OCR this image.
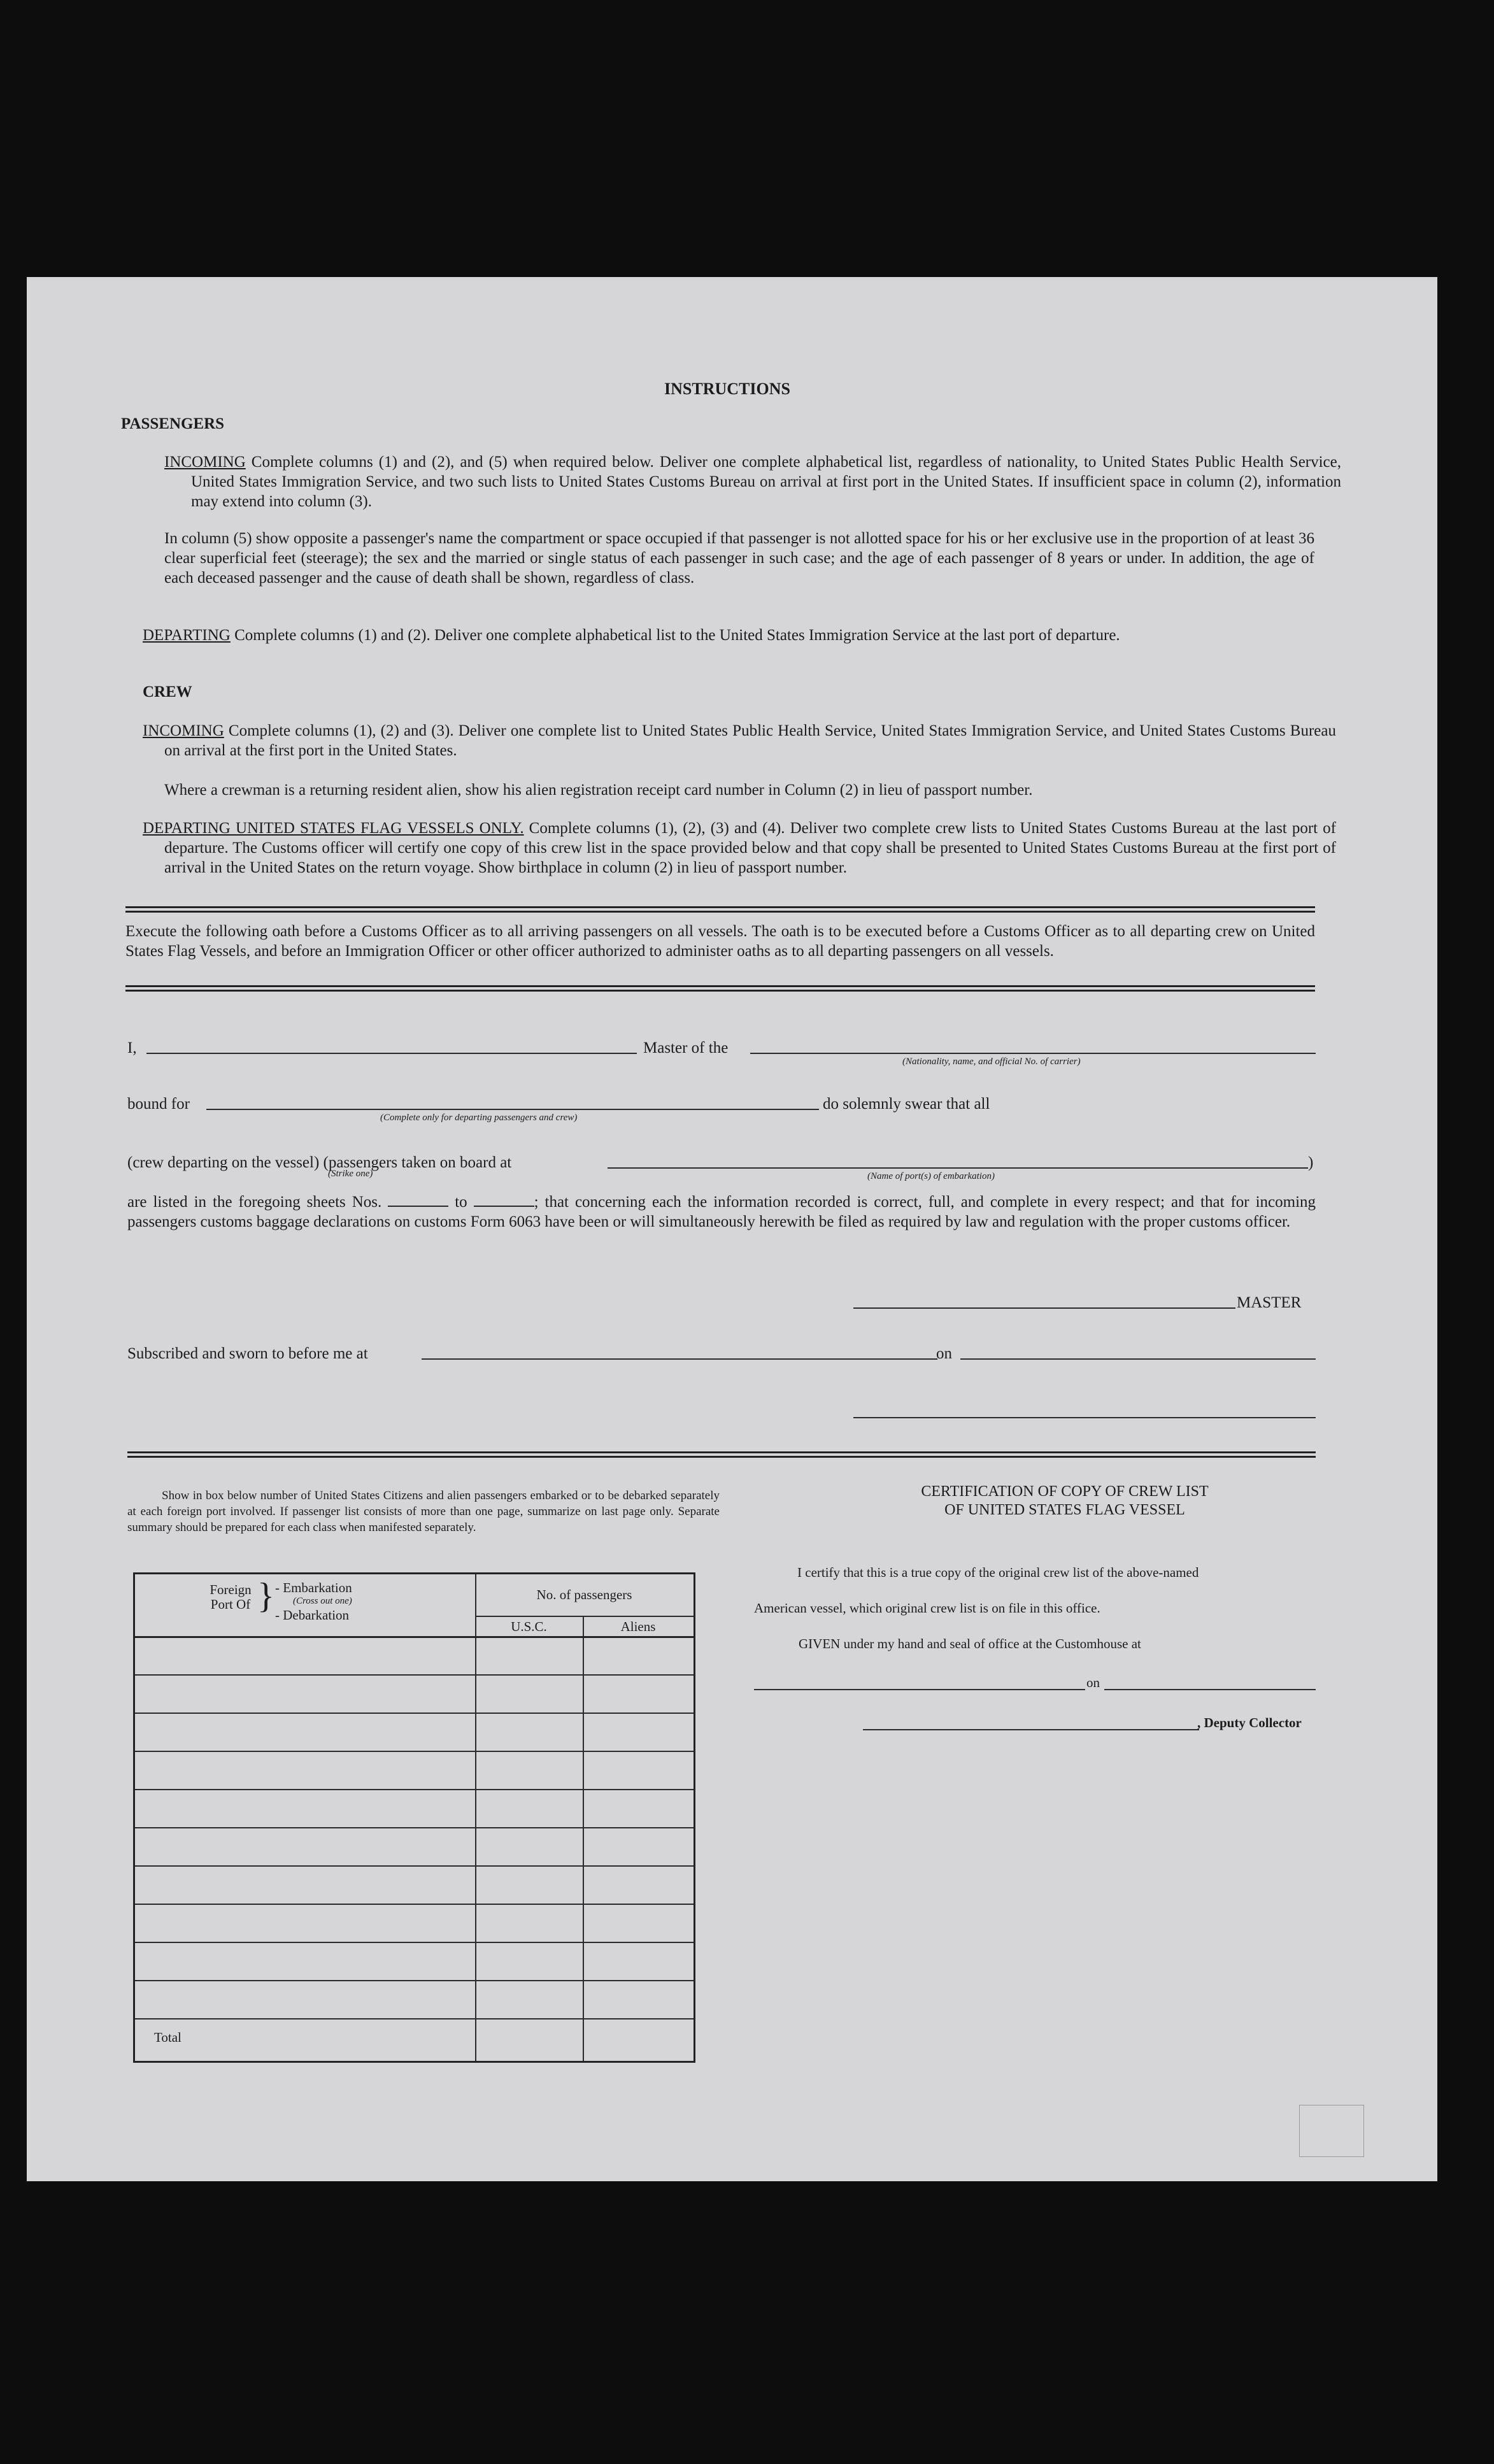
INSTRUCTIONS
PASSENGERS
INCOMING Complete columns (1) and (2), and (5) when required below. Deliver one complete alphabetical list, regardless of nationality, to United States Public Health Service, United States Immigration Service, and two such lists to United States Customs Bureau on arrival at first port in the United States. If insufficient space in column (2), information may extend into column (3).
In column (5) show opposite a passenger's name the compartment or space occupied if that passenger is not allotted space for his or her exclusive use in the proportion of at least 36 clear superficial feet (steerage); the sex and the married or single status of each passenger in such case; and the age of each passenger of 8 years or under. In addition, the age of each deceased passenger and the cause of death shall be shown, regardless of class.
DEPARTING Complete columns (1) and (2). Deliver one complete alphabetical list to the United States Immigration Service at the last port of departure.
CREW
INCOMING Complete columns (1), (2) and (3). Deliver one complete list to United States Public Health Service, United States Immigration Service, and United States Customs Bureau on arrival at the first port in the United States.
Where a crewman is a returning resident alien, show his alien registration receipt card number in Column (2) in lieu of passport number.
DEPARTING UNITED STATES FLAG VESSELS ONLY. Complete columns (1), (2), (3) and (4). Deliver two complete crew lists to United States Customs Bureau at the last port of departure. The Customs officer will certify one copy of this crew list in the space provided below and that copy shall be presented to United States Customs Bureau at the first port of arrival in the United States on the return voyage. Show birthplace in column (2) in lieu of passport number.
Execute the following oath before a Customs Officer as to all arriving passengers on all vessels. The oath is to be executed before a Customs Officer as to all departing crew on United States Flag Vessels, and before an Immigration Officer or other officer authorized to administer oaths as to all departing passengers on all vessels.
I,	Master of the
(Nationality, name, and official No. of carrier)
bound for
(Complete only for departing passengers and crew)
do solemnly swear that all
(crew departing on the vessel) (passengers taken on board at	)
(Strike one)	(Name of port(s) of embarkation)
are listed in the foregoing sheets Nos.	to	; that concerning each the information recorded is correct, full, and complete in every respect; and that for incoming passengers customs baggage declarations on customs Form 6063 have been or will simultaneously herewith be filed as required by law and regulation with the proper customs officer.
MASTER
Subscribed and sworn to before me at	on
Show in box below number of United States Citizens and alien passengers embarked or to be debarked separately at each foreign port involved. If passenger list consists of more than one page, summarize on last page only. Separate summary should be prepared for each class when manifested separately.
Foreign Port Of } - Embarkation
(Cross out one)
- Debarkation
No. of passengers
U.S.C.	Aliens
Total
CERTIFICATION OF COPY OF CREW LIST
OF UNITED STATES FLAG VESSEL
I certify that this is a true copy of the original crew list of the above-named
American vessel, which original crew list is on file in this office.
GIVEN under my hand and seal of office at the Customhouse at
on
, Deputy Collector
